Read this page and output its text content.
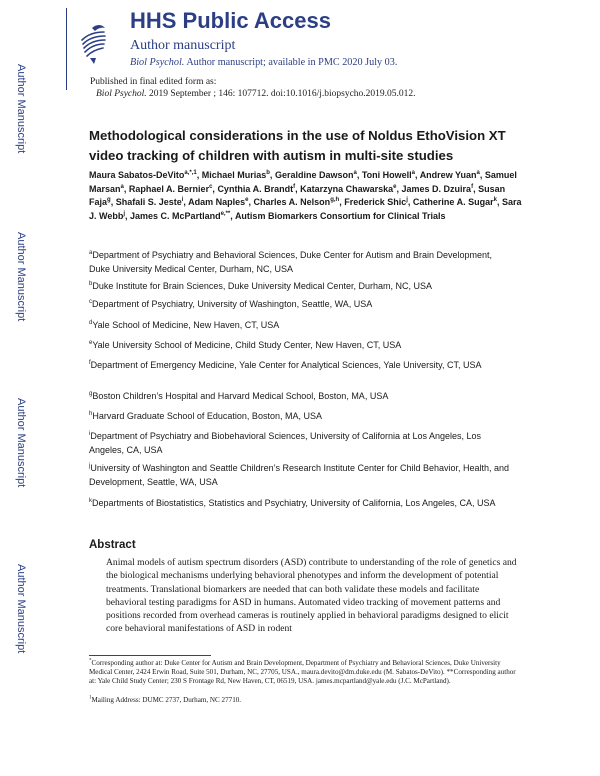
Author Manuscript
Author Manuscript
Author Manuscript
Author Manuscript
HHS Public Access
Author manuscript
Biol Psychol. Author manuscript; available in PMC 2020 July 03.
Published in final edited form as:
Biol Psychol. 2019 September ; 146: 107712. doi:10.1016/j.biopsycho.2019.05.012.
Methodological considerations in the use of Noldus EthoVision XT video tracking of children with autism in multi-site studies
Maura Sabatos-DeVito$^{a,*,1}$, Michael Murias$^b$, Geraldine Dawson$^a$, Toni Howell$^a$, Andrew Yuan$^a$, Samuel Marsan$^a$, Raphael A. Bernier$^c$, Cynthia A. Brandt$^f$, Katarzyna Chawarska$^e$, James D. Dzuira$^f$, Susan Faja$^g$, Shafali S. Jeste$^i$, Adam Naples$^e$, Charles A. Nelson$^{g,h}$, Frederick Shic$^j$, Catherine A. Sugar$^k$, Sara J. Webb$^j$, James C. McPartland$^{e,**}$, Autism Biomarkers Consortium for Clinical Trials
$^a$Department of Psychiatry and Behavioral Sciences, Duke Center for Autism and Brain Development, Duke University Medical Center, Durham, NC, USA
$^b$Duke Institute for Brain Sciences, Duke University Medical Center, Durham, NC, USA
$^c$Department of Psychiatry, University of Washington, Seattle, WA, USA
$^d$Yale School of Medicine, New Haven, CT, USA
$^e$Yale University School of Medicine, Child Study Center, New Haven, CT, USA
$^f$Department of Emergency Medicine, Yale Center for Analytical Sciences, Yale University, CT, USA
$^g$Boston Children’s Hospital and Harvard Medical School, Boston, MA, USA
$^h$Harvard Graduate School of Education, Boston, MA, USA
$^i$Department of Psychiatry and Biobehavioral Sciences, University of California at Los Angeles, Los Angeles, CA, USA
$^j$University of Washington and Seattle Children’s Research Institute Center for Child Behavior, Health, and Development, Seattle, WA, USA
$^k$Departments of Biostatistics, Statistics and Psychiatry, University of California, Los Angeles, CA, USA
Abstract
Animal models of autism spectrum disorders (ASD) contribute to understanding of the role of genetics and the biological mechanisms underlying behavioral phenotypes and inform the development of potential treatments. Translational biomarkers are needed that can both validate these models and facilitate behavioral testing paradigms for ASD in humans. Automated video tracking of movement patterns and positions recorded from overhead cameras is routinely applied in behavioral paradigms designed to elicit core behavioral manifestations of ASD in rodent
*Corresponding author at: Duke Center for Autism and Brain Development, Department of Psychiatry and Behavioral Sciences, Duke University Medical Center, 2424 Erwin Road, Suite 501, Durham, NC, 27705, USA., maura.devito@dm.duke.edu (M. Sabatos-DeVito). **Corresponding author at: Yale Child Study Center; 230 S Frontage Rd, New Haven, CT, 06519, USA. james.mcpartland@yale.edu (J.C. McPartland).
$^1$Mailing Address: DUMC 2737, Durham, NC 27710.
